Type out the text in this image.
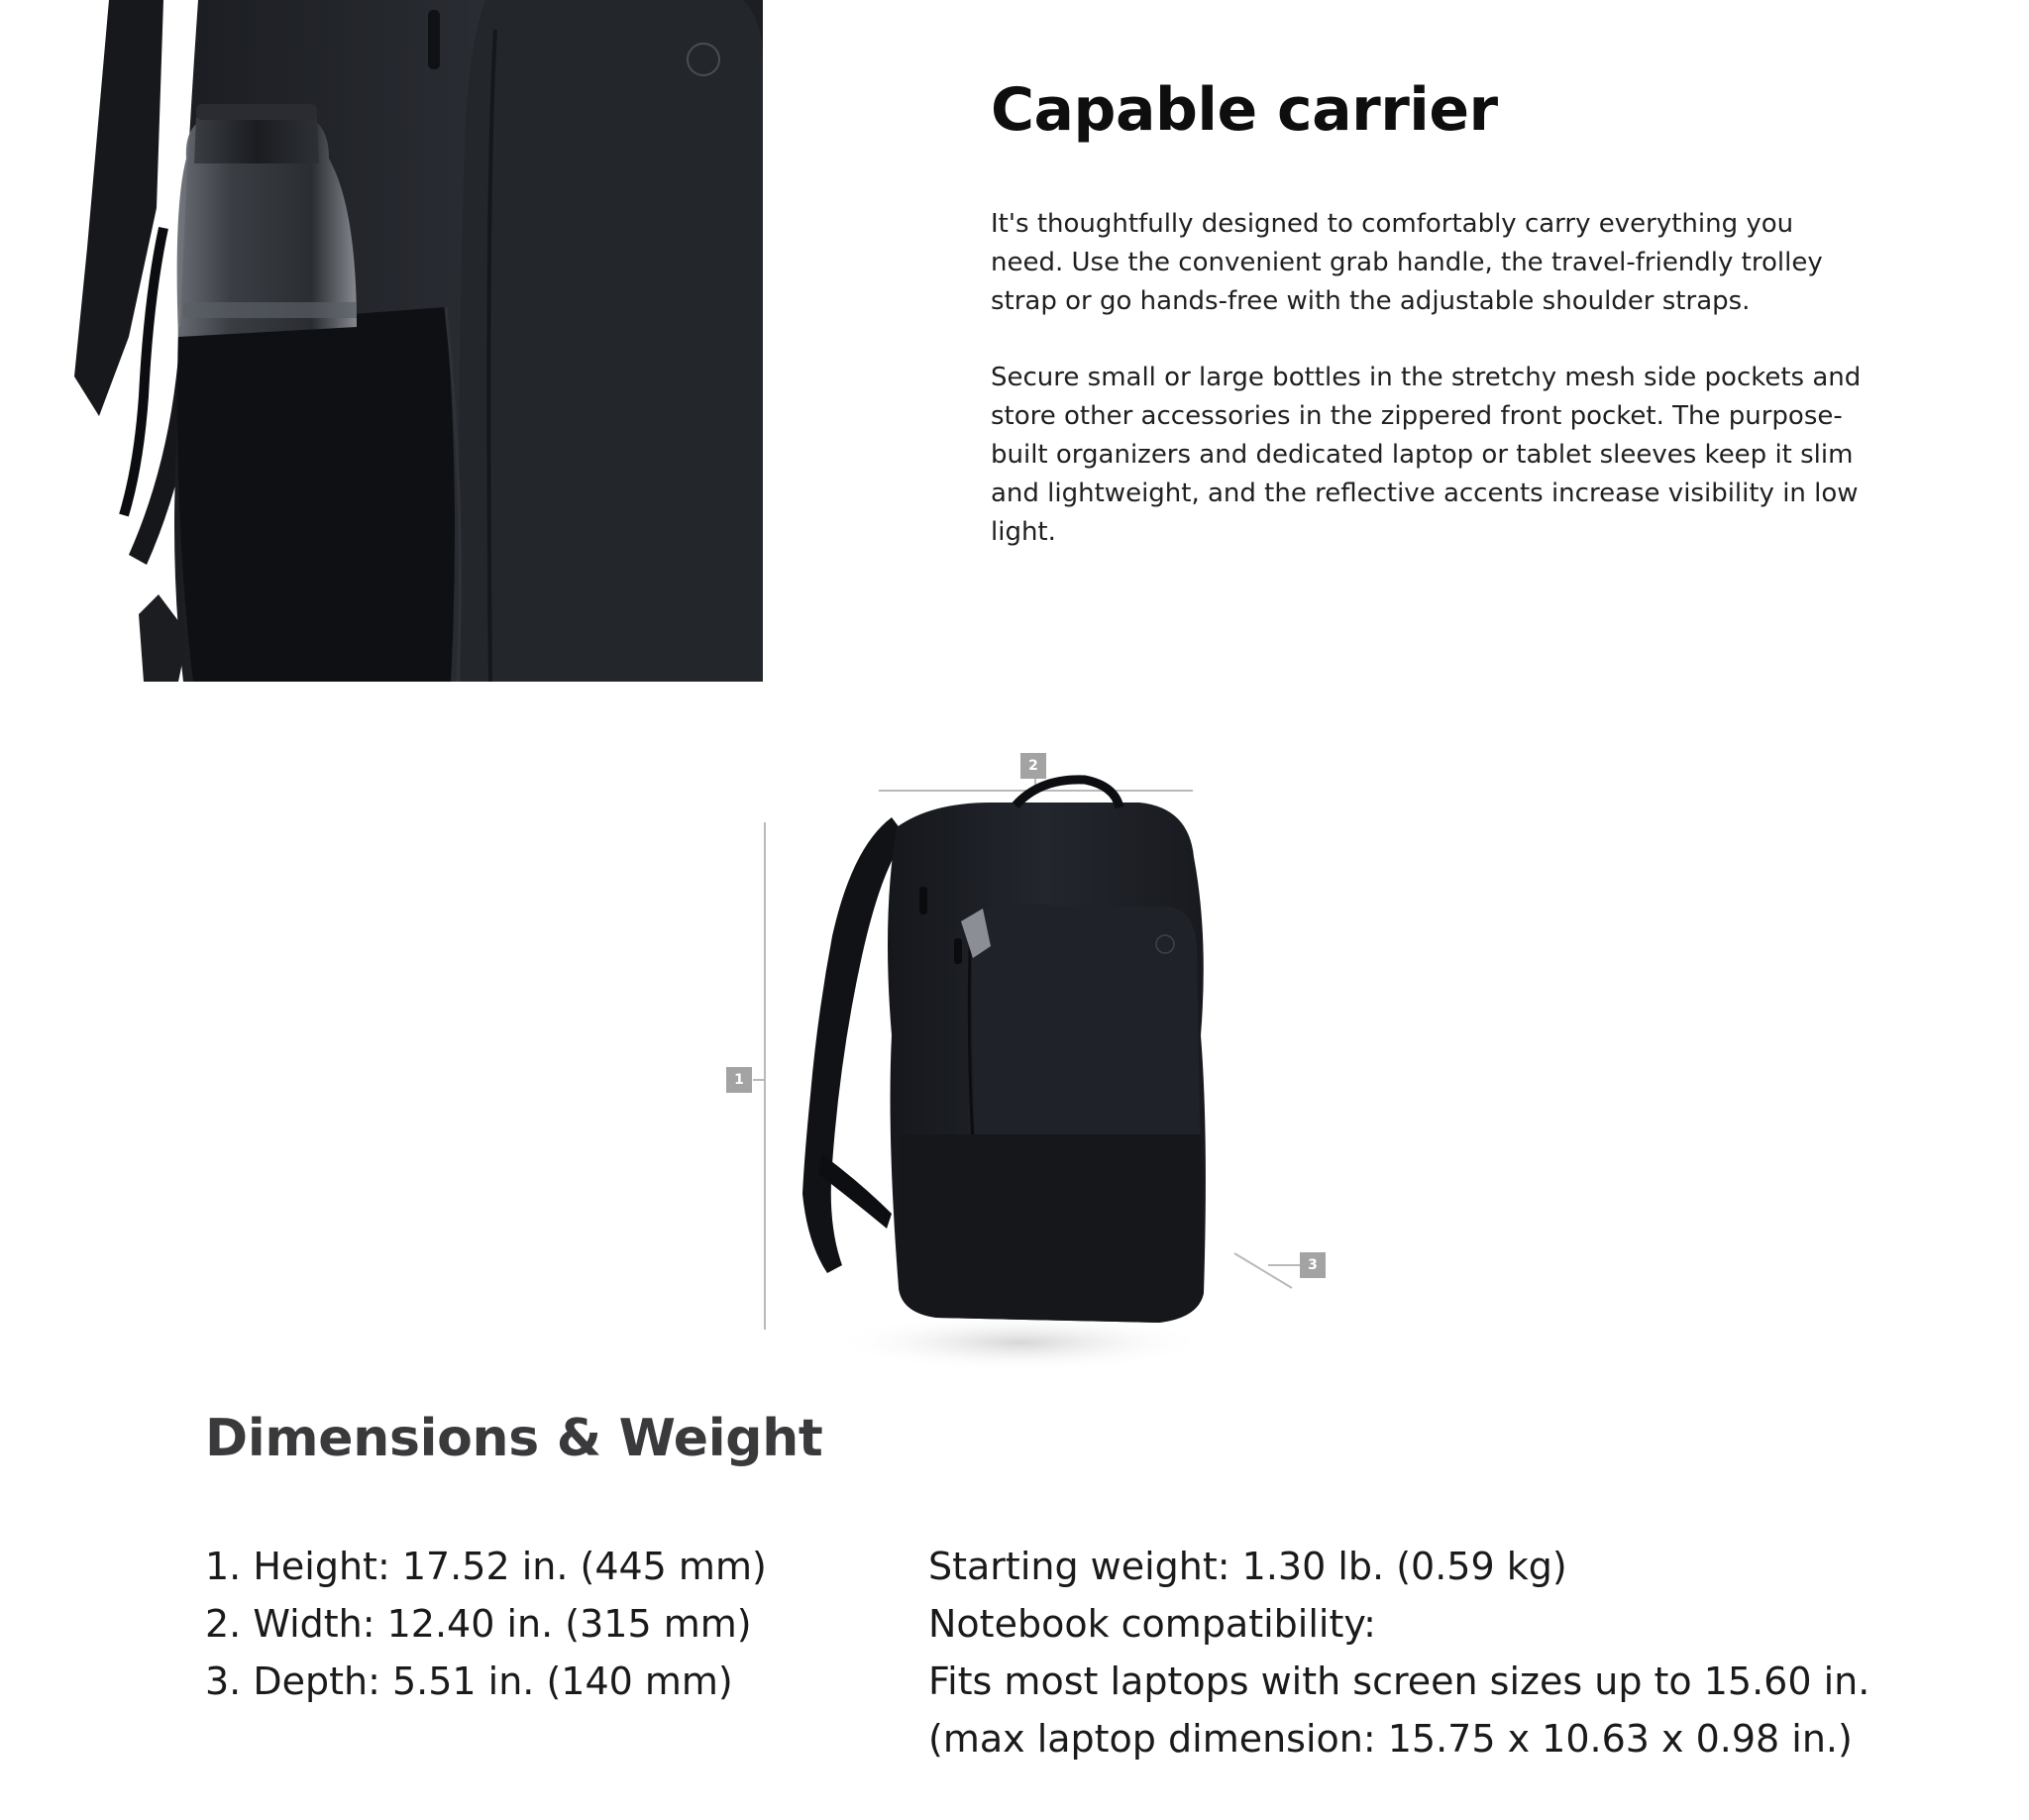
Capable carrier

It's thoughtfully designed to comfortably carry everything you need. Use the convenient grab handle, the travel-friendly trolley strap or go hands-free with the adjustable shoulder straps.

Secure small or large bottles in the stretchy mesh side pockets and store other accessories in the zippered front pocket. The purpose-built organizers and dedicated laptop or tablet sleeves keep it slim and lightweight, and the reflective accents increase visibility in low light.

2
1
3
Dimensions & Weight
1. Height: 17.52 in. (445 mm)
2. Width: 12.40 in. (315 mm)
3. Depth: 5.51 in. (140 mm)
Starting weight: 1.30 lb. (0.59 kg)
Notebook compatibility:
Fits most laptops with screen sizes up to 15.60 in.
(max laptop dimension: 15.75 x 10.63 x 0.98 in.)
